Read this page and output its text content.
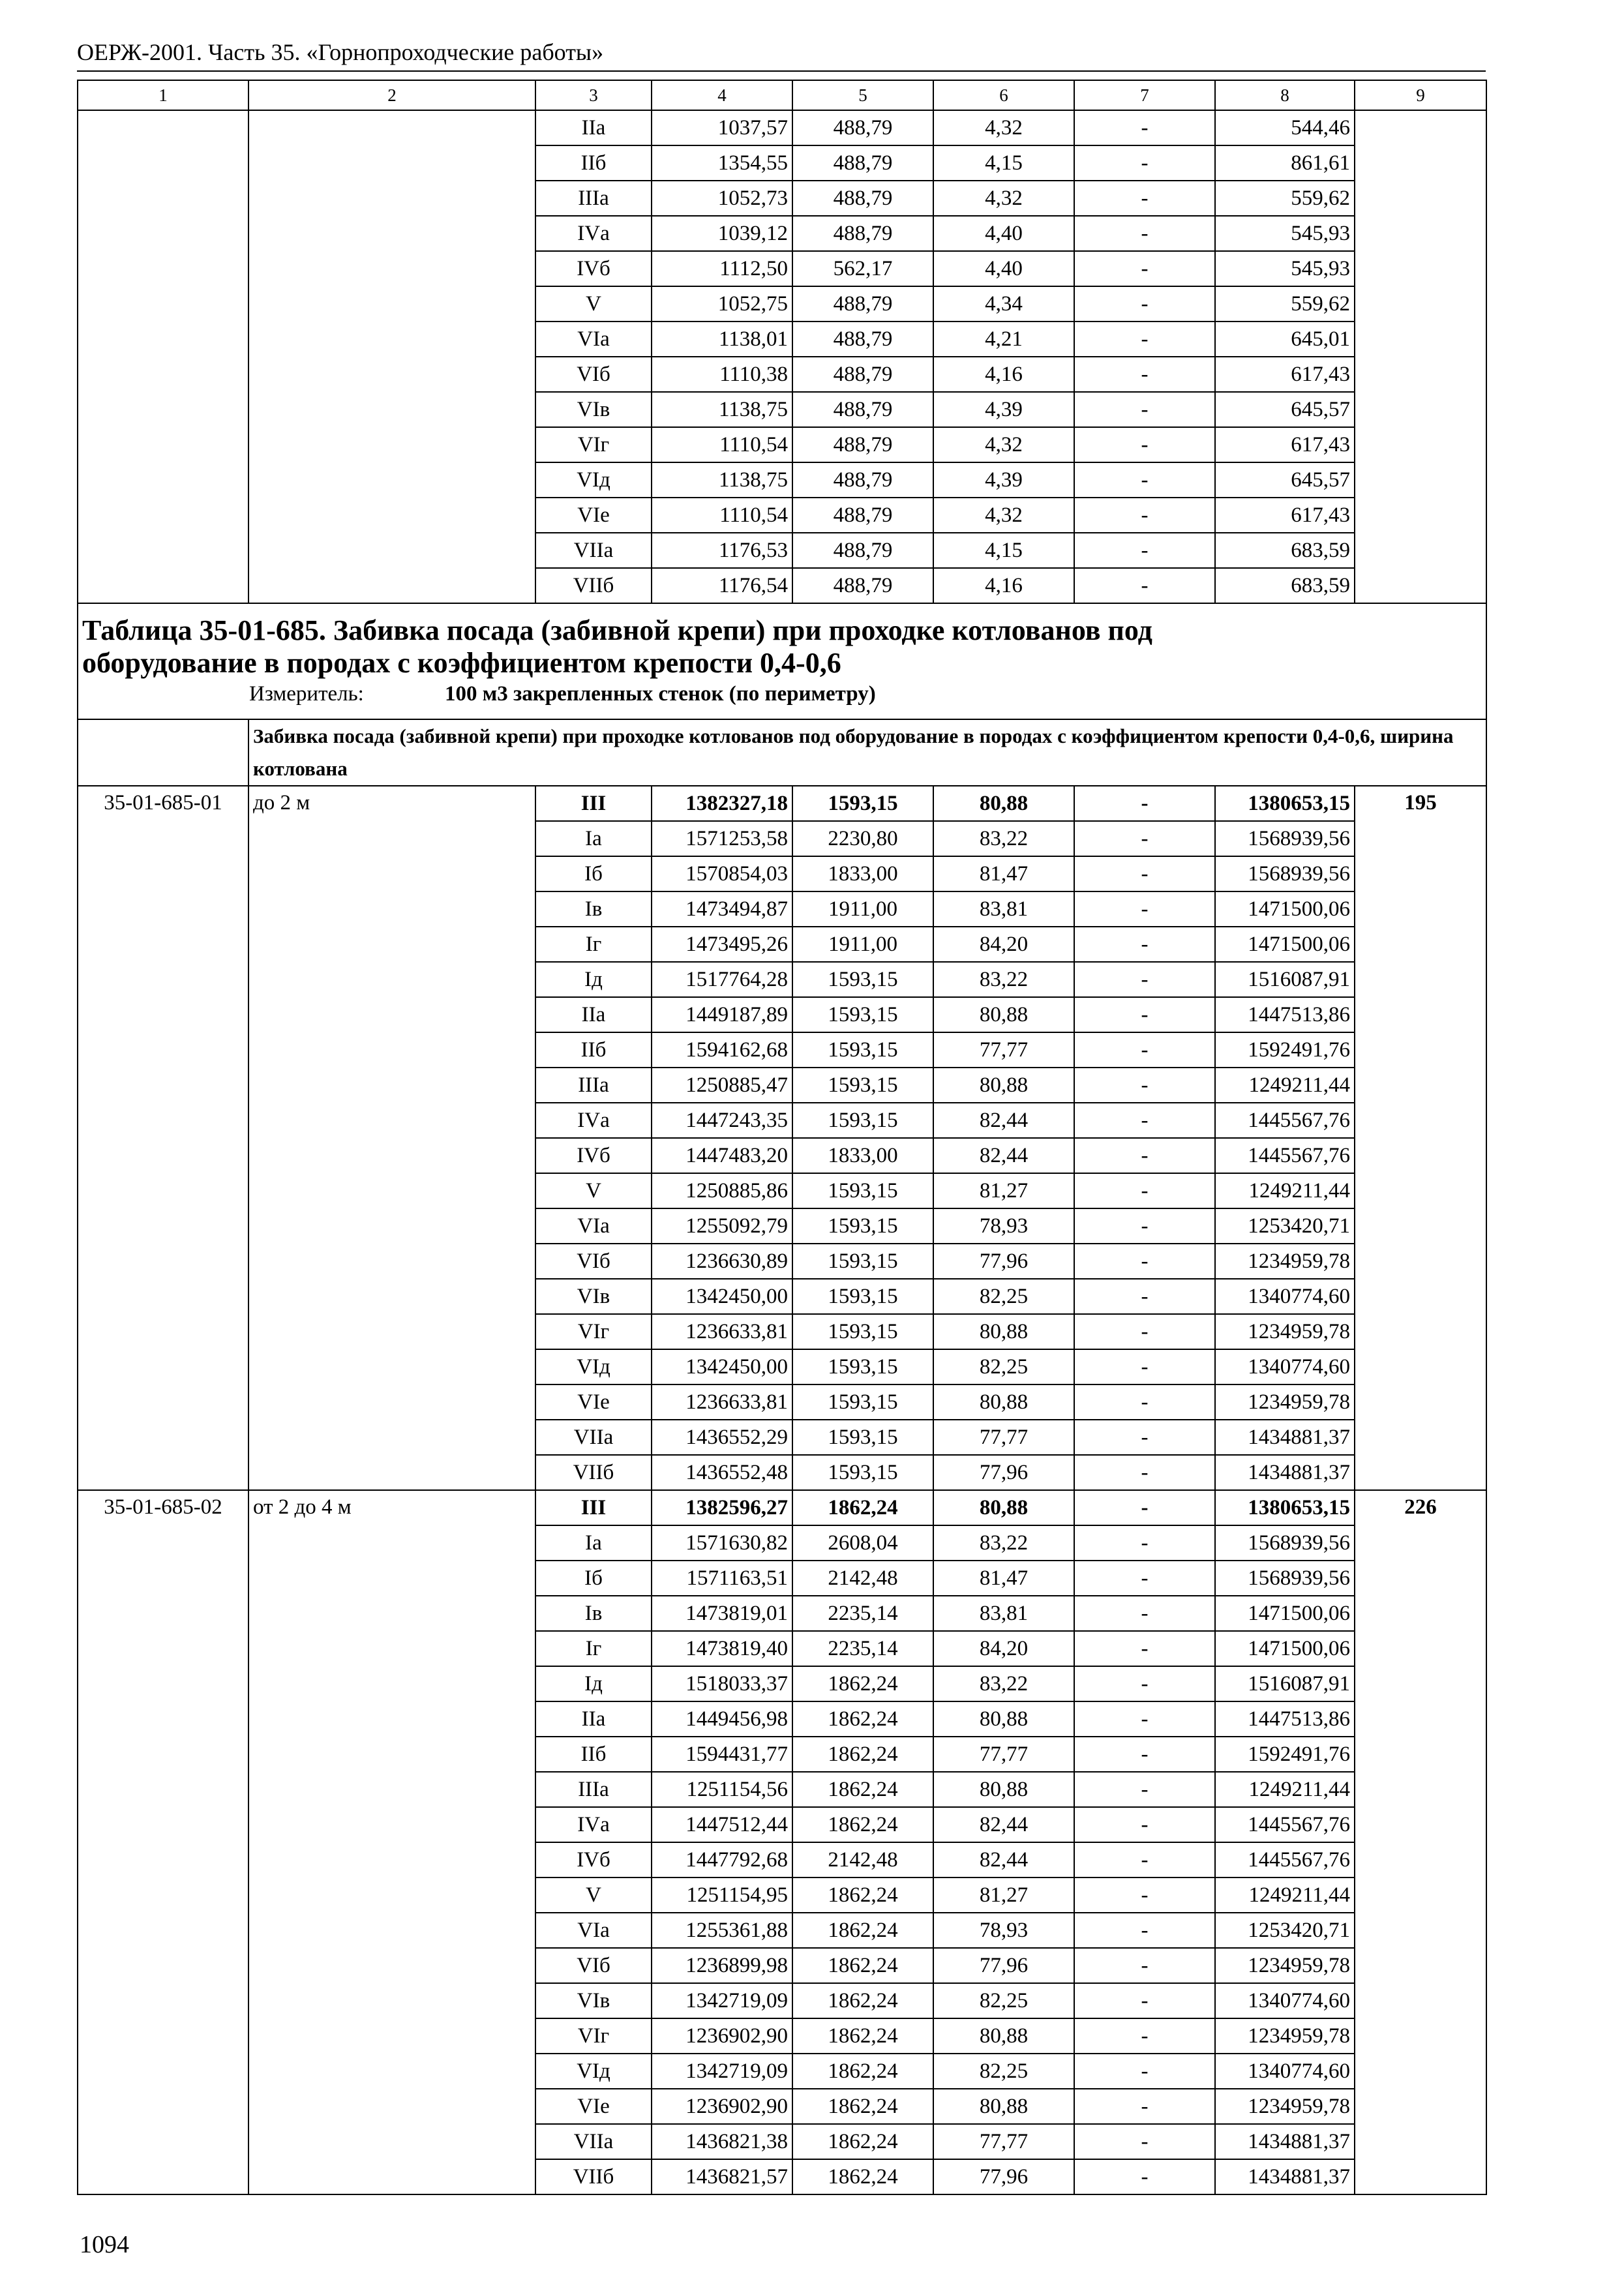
ОЕРЖ-2001. Часть 35. «Горнопроходческие работы»
1	2	3	4	5	6	7	8	9
		IIа	1037,57	488,79	4,32	-	544,46	
		IIб	1354,55	488,79	4,15	-	861,61	
		IIIа	1052,73	488,79	4,32	-	559,62	
		IVа	1039,12	488,79	4,40	-	545,93	
		IVб	1112,50	562,17	4,40	-	545,93	
		V	1052,75	488,79	4,34	-	559,62	
		VIа	1138,01	488,79	4,21	-	645,01	
		VIб	1110,38	488,79	4,16	-	617,43	
		VIв	1138,75	488,79	4,39	-	645,57	
		VIг	1110,54	488,79	4,32	-	617,43	
		VIд	1138,75	488,79	4,39	-	645,57	
		VIе	1110,54	488,79	4,32	-	617,43	
		VIIа	1176,53	488,79	4,15	-	683,59	
		VIIб	1176,54	488,79	4,16	-	683,59	

Таблица 35-01-685. Забивка посада (забивной крепи) при проходке котлованов под
оборудование в породах с коэффициентом крепости 0,4-0,6
Измеритель: 100 м3 закрепленных стенок (по периметру)								

	Забивка посада (забивной крепи) при проходке котлованов под оборудование в породах с коэффициентом крепости 0,4-0,6, ширина котлована							
35-01-685-01	до 2 м	III	1382327,18	1593,15	80,88	-	1380653,15	195
		Iа	1571253,58	2230,80	83,22	-	1568939,56	
		Iб	1570854,03	1833,00	81,47	-	1568939,56	
		Iв	1473494,87	1911,00	83,81	-	1471500,06	
		Iг	1473495,26	1911,00	84,20	-	1471500,06	
		Iд	1517764,28	1593,15	83,22	-	1516087,91	
		IIа	1449187,89	1593,15	80,88	-	1447513,86	
		IIб	1594162,68	1593,15	77,77	-	1592491,76	
		IIIа	1250885,47	1593,15	80,88	-	1249211,44	
		IVа	1447243,35	1593,15	82,44	-	1445567,76	
		IVб	1447483,20	1833,00	82,44	-	1445567,76	
		V	1250885,86	1593,15	81,27	-	1249211,44	
		VIа	1255092,79	1593,15	78,93	-	1253420,71	
		VIб	1236630,89	1593,15	77,96	-	1234959,78	
		VIв	1342450,00	1593,15	82,25	-	1340774,60	
		VIг	1236633,81	1593,15	80,88	-	1234959,78	
		VIд	1342450,00	1593,15	82,25	-	1340774,60	
		VIе	1236633,81	1593,15	80,88	-	1234959,78	
		VIIа	1436552,29	1593,15	77,77	-	1434881,37	
		VIIб	1436552,48	1593,15	77,96	-	1434881,37	
35-01-685-02	от 2 до 4 м	III	1382596,27	1862,24	80,88	-	1380653,15	226
		Iа	1571630,82	2608,04	83,22	-	1568939,56	
		Iб	1571163,51	2142,48	81,47	-	1568939,56	
		Iв	1473819,01	2235,14	83,81	-	1471500,06	
		Iг	1473819,40	2235,14	84,20	-	1471500,06	
		Iд	1518033,37	1862,24	83,22	-	1516087,91	
		IIа	1449456,98	1862,24	80,88	-	1447513,86	
		IIб	1594431,77	1862,24	77,77	-	1592491,76	
		IIIа	1251154,56	1862,24	80,88	-	1249211,44	
		IVа	1447512,44	1862,24	82,44	-	1445567,76	
		IVб	1447792,68	2142,48	82,44	-	1445567,76	
		V	1251154,95	1862,24	81,27	-	1249211,44	
		VIа	1255361,88	1862,24	78,93	-	1253420,71	
		VIб	1236899,98	1862,24	77,96	-	1234959,78	
		VIв	1342719,09	1862,24	82,25	-	1340774,60	
		VIг	1236902,90	1862,24	80,88	-	1234959,78	
		VIд	1342719,09	1862,24	82,25	-	1340774,60	
		VIе	1236902,90	1862,24	80,88	-	1234959,78	
		VIIа	1436821,38	1862,24	77,77	-	1434881,37	
		VIIб	1436821,57	1862,24	77,96	-	1434881,37	
1094
